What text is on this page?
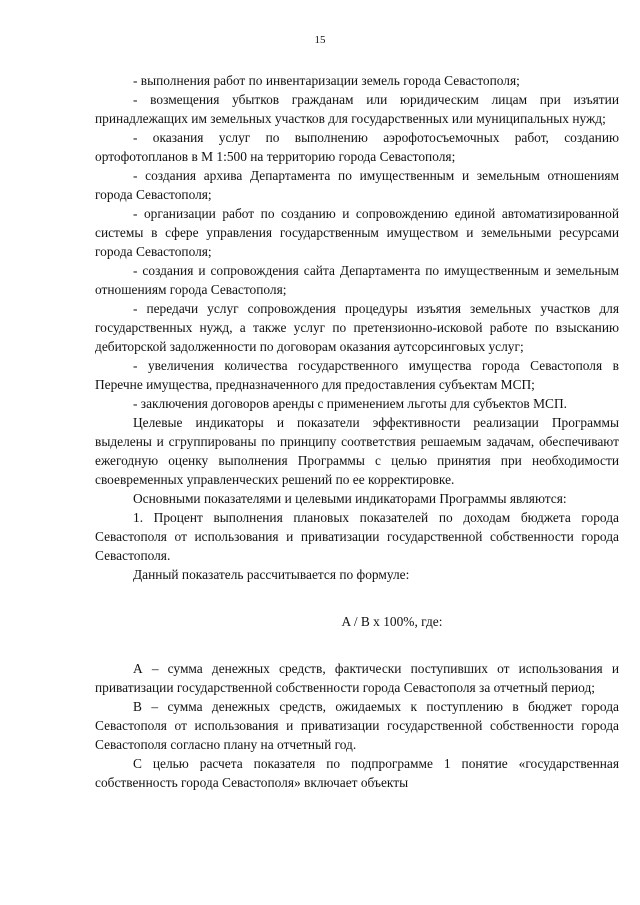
15

- выполнения работ по инвентаризации земель города Севастополя;

- возмещения убытков гражданам или юридическим лицам при изъятии принадлежащих им земельных участков для государственных или муниципальных нужд;

- оказания услуг по выполнению аэрофотосъемочных работ, созданию ортофотопланов в М 1:500 на территорию города Севастополя;

- создания архива Департамента по имущественным и земельным отношениям города Севастополя;

- организации работ по созданию и сопровождению единой автоматизированной системы в сфере управления государственным имуществом и земельными ресурсами города Севастополя;

- создания и сопровождения сайта Департамента по имущественным и земельным отношениям города Севастополя;

- передачи услуг сопровождения процедуры изъятия земельных участков для государственных нужд, а также услуг по претензионно-исковой работе по взысканию дебиторской задолженности по договорам оказания аутсорсинговых услуг;

- увеличения количества государственного имущества города Севастополя в Перечне имущества, предназначенного для предоставления субъектам МСП;

- заключения договоров аренды с применением льготы для субъектов МСП.

Целевые индикаторы и показатели эффективности реализации Программы выделены и сгруппированы по принципу соответствия решаемым задачам, обеспечивают ежегодную оценку выполнения Программы с целью принятия при необходимости своевременных управленческих решений по ее корректировке.

Основными показателями и целевыми индикаторами Программы являются:

1. Процент выполнения плановых показателей по доходам бюджета города Севастополя от использования и приватизации государственной собственности города Севастополя.

Данный показатель рассчитывается по формуле:

A / B х 100%, где:

А – сумма денежных средств, фактически поступивших от использования и приватизации государственной собственности города Севастополя за отчетный период;

В – сумма денежных средств, ожидаемых к поступлению в бюджет города Севастополя от использования и приватизации государственной собственности города Севастополя согласно плану на отчетный год.

С целью расчета показателя по подпрограмме 1 понятие «государственная собственность города Севастополя» включает объекты
